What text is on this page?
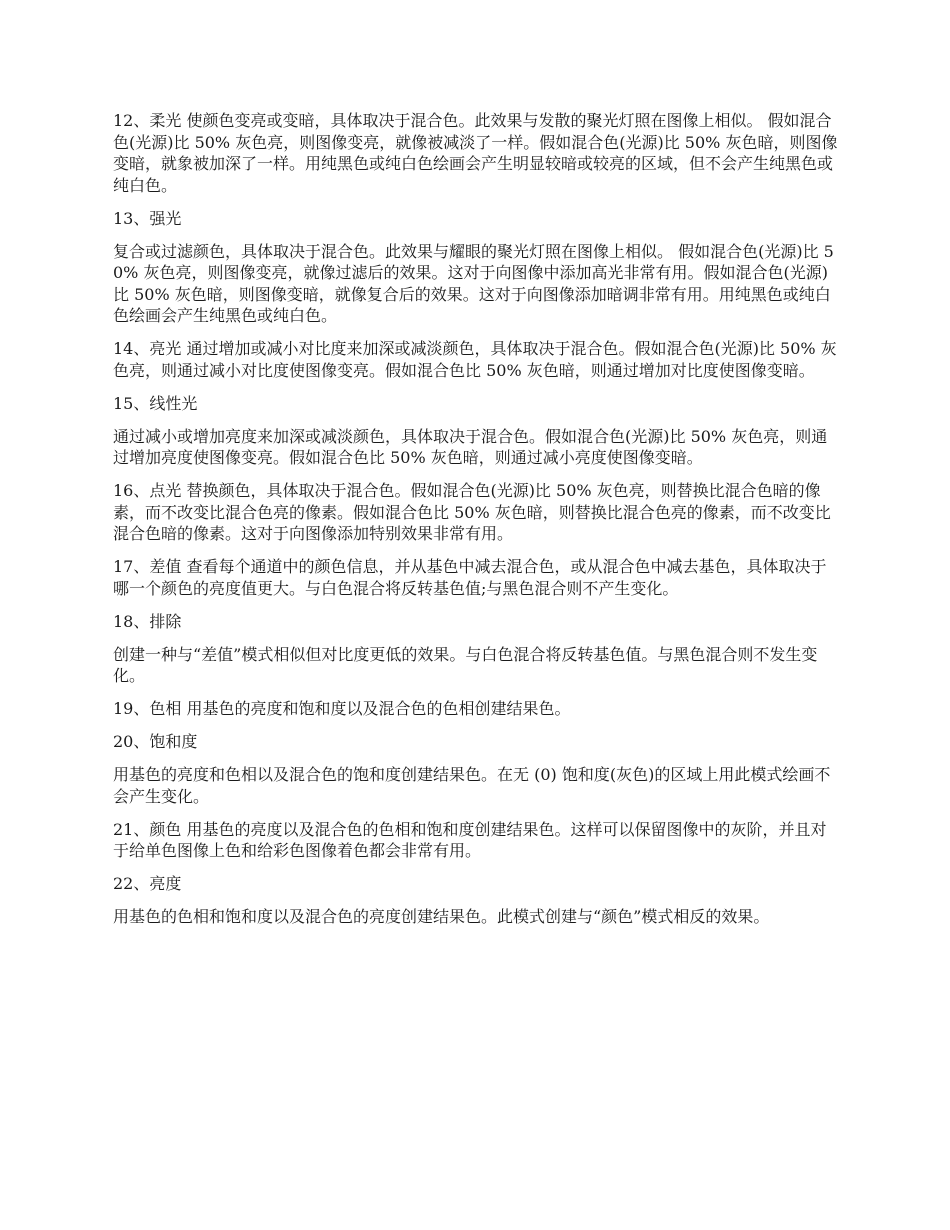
12、柔光 使颜色变亮或变暗，具体取决于混合色。此效果与发散的聚光灯照在图像上相似。 假如混合色(光源)比 50% 灰色亮，则图像变亮，就像被减淡了一样。假如混合色(光源)比 50% 灰色暗，则图像变暗，就象被加深了一样。用纯黑色或纯白色绘画会产生明显较暗或较亮的区域，但不会产生纯黑色或纯白色。

13、强光

复合或过滤颜色，具体取决于混合色。此效果与耀眼的聚光灯照在图像上相似。 假如混合色(光源)比 50% 灰色亮，则图像变亮，就像过滤后的效果。这对于向图像中添加高光非常有用。假如混合色(光源)比 50% 灰色暗，则图像变暗，就像复合后的效果。这对于向图像添加暗调非常有用。用纯黑色或纯白色绘画会产生纯黑色或纯白色。

14、亮光 通过增加或减小对比度来加深或减淡颜色，具体取决于混合色。假如混合色(光源)比 50% 灰色亮，则通过减小对比度使图像变亮。假如混合色比 50% 灰色暗，则通过增加对比度使图像变暗。

15、线性光

通过减小或增加亮度来加深或减淡颜色，具体取决于混合色。假如混合色(光源)比 50% 灰色亮，则通过增加亮度使图像变亮。假如混合色比 50% 灰色暗，则通过减小亮度使图像变暗。

16、点光 替换颜色，具体取决于混合色。假如混合色(光源)比 50% 灰色亮，则替换比混合色暗的像素，而不改变比混合色亮的像素。假如混合色比 50% 灰色暗，则替换比混合色亮的像素，而不改变比混合色暗的像素。这对于向图像添加特别效果非常有用。

17、差值 查看每个通道中的颜色信息，并从基色中减去混合色，或从混合色中减去基色，具体取决于哪一个颜色的亮度值更大。与白色混合将反转基色值;与黑色混合则不产生变化。

18、排除

创建一种与“差值”模式相似但对比度更低的效果。与白色混合将反转基色值。与黑色混合则不发生变化。

19、色相 用基色的亮度和饱和度以及混合色的色相创建结果色。

20、饱和度

用基色的亮度和色相以及混合色的饱和度创建结果色。在无 (0) 饱和度(灰色)的区域上用此模式绘画不会产生变化。

21、颜色 用基色的亮度以及混合色的色相和饱和度创建结果色。这样可以保留图像中的灰阶，并且对于给单色图像上色和给彩色图像着色都会非常有用。

22、亮度

用基色的色相和饱和度以及混合色的亮度创建结果色。此模式创建与“颜色”模式相反的效果。
